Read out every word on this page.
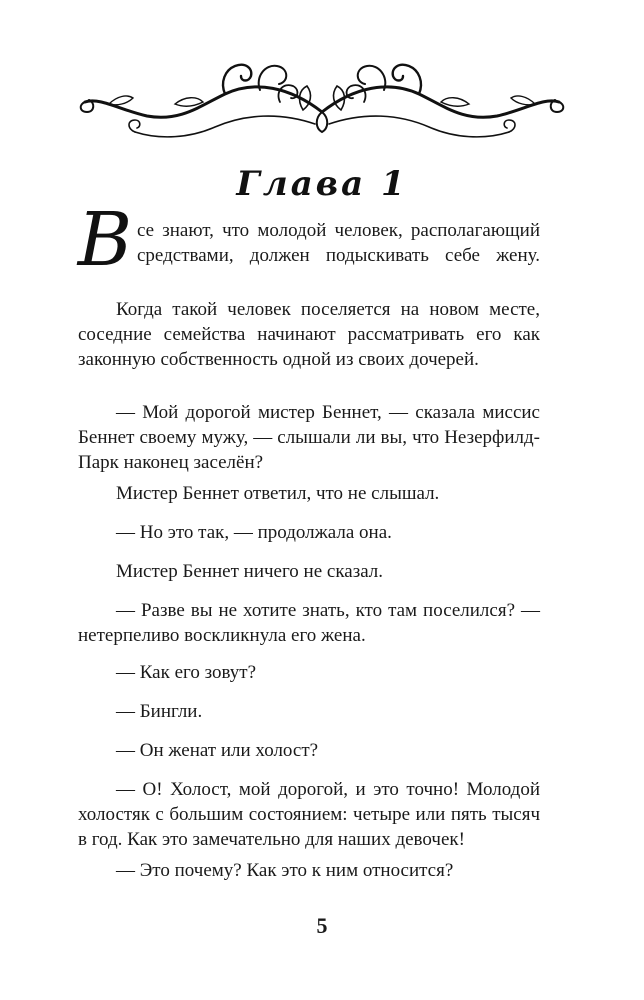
Глава 1
В се знают, что молодой человек, располагающий
средствами, должен подыскивать себе жену.
Когда такой человек поселяется на новом месте, соседние семейства начинают рассматривать его как законную собственность одной из своих дочерей.
— Мой дорогой мистер Беннет, — сказала миссис Беннет своему мужу, — слышали ли вы, что Незерфилд-Парк наконец заселён?
Мистер Беннет ответил, что не слышал.
— Но это так, — продолжала она.
Мистер Беннет ничего не сказал.
— Разве вы не хотите знать, кто там поселился? — нетерпеливо воскликнула его жена.
— Как его зовут?
— Бингли.
— Он женат или холост?
— О! Холост, мой дорогой, и это точно! Молодой холостяк с большим состоянием: четыре или пять тысяч в год. Как это замечательно для наших девочек!
— Это почему? Как это к ним относится?
5
